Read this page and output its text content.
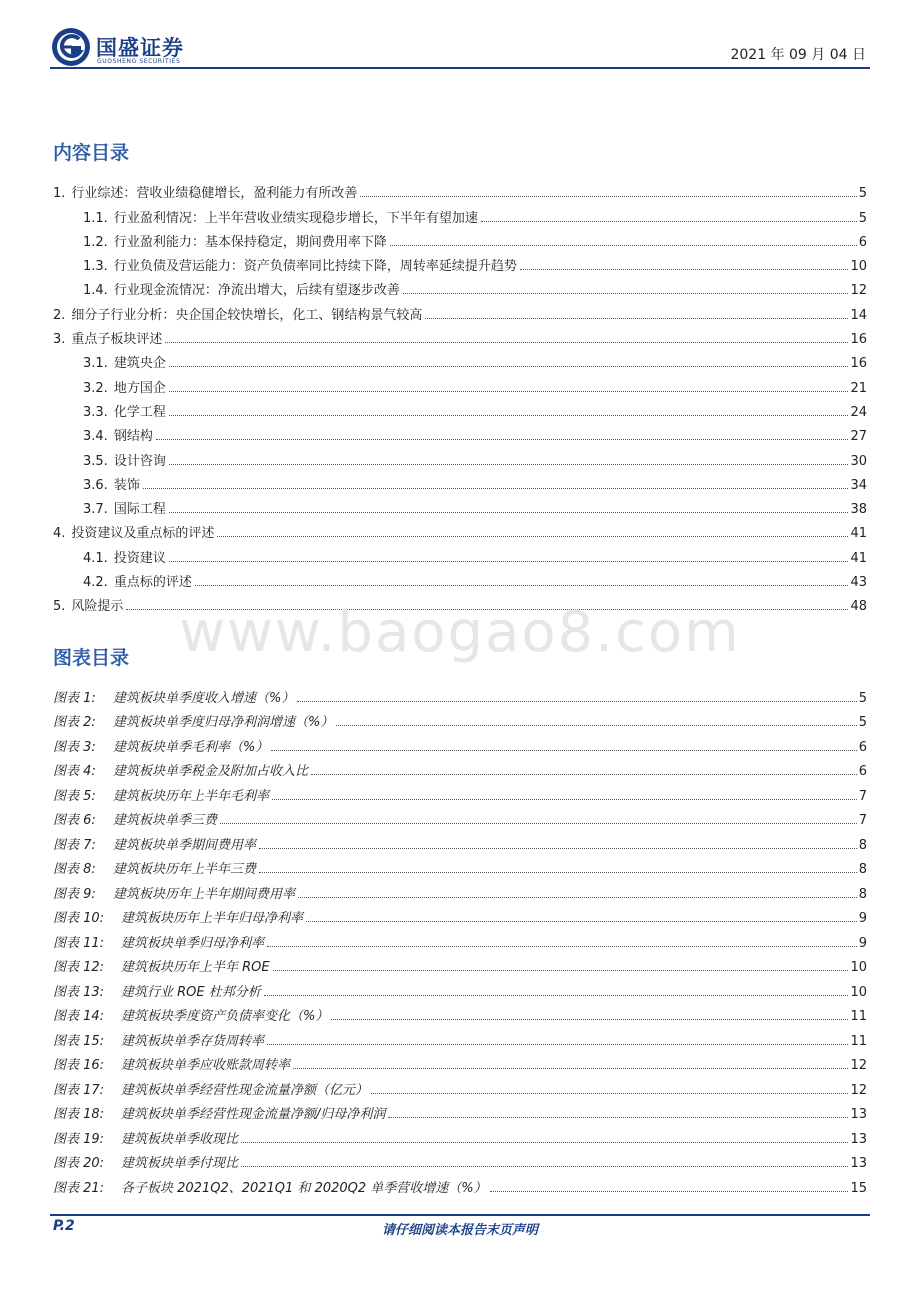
国盛证券
GUOSHENG SECURITIES	2021 年 09 月 04 日
内容目录
1. 行业综述：营收业绩稳健增长，盈利能力有所改善	5
1.1. 行业盈利情况：上半年营收业绩实现稳步增长，下半年有望加速	5
1.2. 行业盈利能力：基本保持稳定，期间费用率下降	6
1.3. 行业负债及营运能力：资产负债率同比持续下降，周转率延续提升趋势	10
1.4. 行业现金流情况：净流出增大，后续有望逐步改善	12
2. 细分子行业分析：央企国企较快增长，化工、钢结构景气较高	14
3. 重点子板块评述	16
3.1. 建筑央企	16
3.2. 地方国企	21
3.3. 化学工程	24
3.4. 钢结构	27
3.5. 设计咨询	30
3.6. 装饰	34
3.7. 国际工程	38
4. 投资建议及重点标的评述	41
4.1. 投资建议	41
4.2. 重点标的评述	43
5. 风险提示	48
www.baogao8.com
图表目录
图表 1:	建筑板块单季度收入增速（%）	5
图表 2:	建筑板块单季度归母净利润增速（%）	5
图表 3:	建筑板块单季毛利率（%）	6
图表 4:	建筑板块单季税金及附加占收入比	6
图表 5:	建筑板块历年上半年毛利率	7
图表 6:	建筑板块单季三费	7
图表 7:	建筑板块单季期间费用率	8
图表 8:	建筑板块历年上半年三费	8
图表 9:	建筑板块历年上半年期间费用率	8
图表 10:	建筑板块历年上半年归母净利率	9
图表 11:	建筑板块单季归母净利率	9
图表 12:	建筑板块历年上半年 ROE	10
图表 13:	建筑行业 ROE 杜邦分析	10
图表 14:	建筑板块季度资产负债率变化（%）	11
图表 15:	建筑板块单季存货周转率	11
图表 16:	建筑板块单季应收账款周转率	12
图表 17:	建筑板块单季经营性现金流量净额（亿元）	12
图表 18:	建筑板块单季经营性现金流量净额/归母净利润	13
图表 19:	建筑板块单季收现比	13
图表 20:	建筑板块单季付现比	13
图表 21:	各子板块 2021Q2、2021Q1 和 2020Q2 单季营收增速（%）	15
P.2	请仔细阅读本报告末页声明
